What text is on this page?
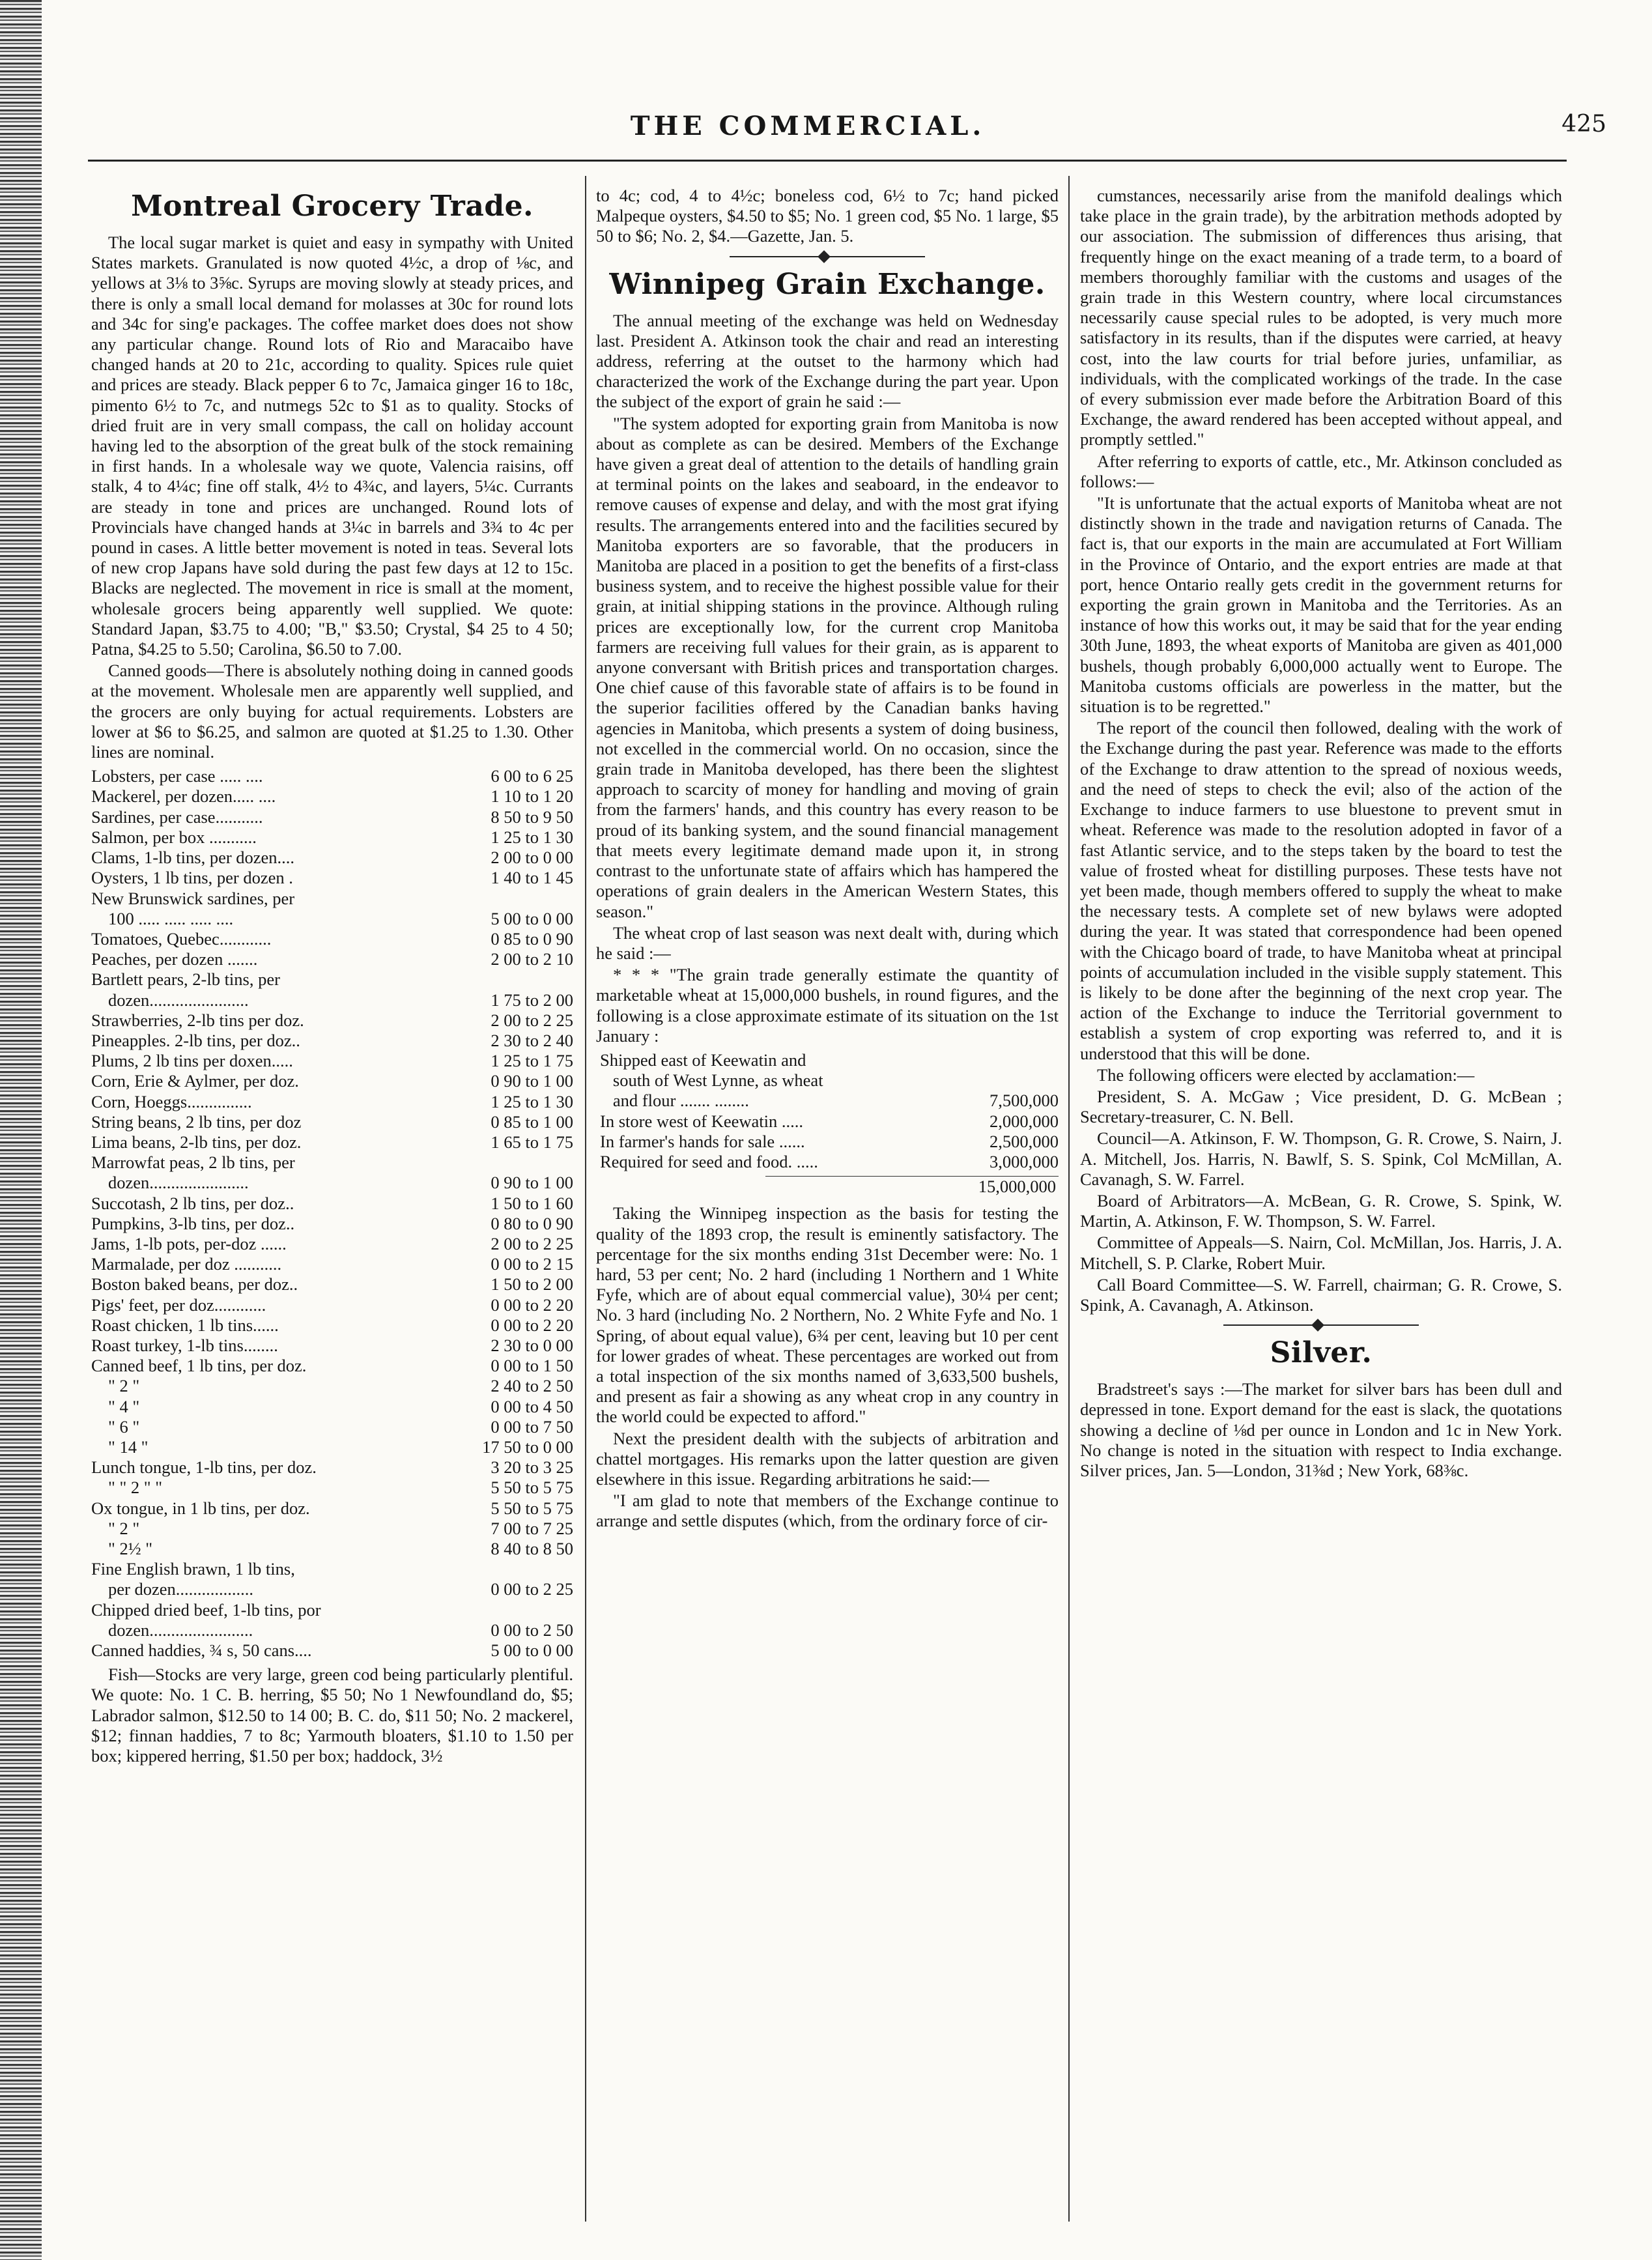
THE COMMERCIAL.	425
Montreal Grocery Trade.

The local sugar market is quiet and easy in sympathy with United States markets. Granulated is now quoted 4½c, a drop of ⅛c, and yellows at 3⅛ to 3⅝c. Syrups are moving slowly at steady prices, and there is only a small local demand for molasses at 30c for round lots and 34c for sing'e packages. The coffee market does does not show any particular change. Round lots of Rio and Maracaibo have changed hands at 20 to 21c, according to quality. Spices rule quiet and prices are steady. Black pepper 6 to 7c, Jamaica ginger 16 to 18c, pimento 6½ to 7c, and nutmegs 52c to $1 as to quality. Stocks of dried fruit are in very small compass, the call on holiday account having led to the absorption of the great bulk of the stock remaining in first hands. In a wholesale way we quote, Valencia raisins, off stalk, 4 to 4¼c; fine off stalk, 4½ to 4¾c, and layers, 5¼c. Currants are steady in tone and prices are unchanged. Round lots of Provincials have changed hands at 3¼c in barrels and 3¾ to 4c per pound in cases. A little better movement is noted in teas. Several lots of new crop Japans have sold during the past few days at 12 to 15c. Blacks are neglected. The movement in rice is small at the moment, wholesale grocers being apparently well supplied. We quote: Standard Japan, $3.75 to 4.00; "B," $3.50; Crystal, $4 25 to 4 50; Patna, $4.25 to 5.50; Carolina, $6.50 to 7.00.

Canned goods—There is absolutely nothing doing in canned goods at the movement. Wholesale men are apparently well supplied, and the grocers are only buying for actual requirements. Lobsters are lower at $6 to $6.25, and salmon are quoted at $1.25 to 1.30. Other lines are nominal.

Lobsters, per case ..... ....	6 00 to 6 25
Mackerel, per dozen..... ....	1 10 to 1 20
Sardines, per case...........	8 50 to 9 50
Salmon, per box ...........	1 25 to 1 30
Clams, 1-lb tins, per dozen....	2 00 to 0 00
Oysters, 1 lb tins, per dozen .	1 40 to 1 45
New Brunswick sardines, per
100 ..... ..... ..... ....	5 00 to 0 00
Tomatoes, Quebec............	0 85 to 0 90
Peaches, per dozen .......	2 00 to 2 10
Bartlett pears, 2-lb tins, per
dozen.......................	1 75 to 2 00
Strawberries, 2-lb tins per doz.	2 00 to 2 25
Pineapples. 2-lb tins, per doz..	2 30 to 2 40
Plums, 2 lb tins per doxen.....	1 25 to 1 75
Corn, Erie & Aylmer, per doz.	0 90 to 1 00
Corn, Hoeggs...............	1 25 to 1 30
String beans, 2 lb tins, per doz	0 85 to 1 00
Lima beans, 2-lb tins, per doz.	1 65 to 1 75
Marrowfat peas, 2 lb tins, per
dozen.......................	0 90 to 1 00
Succotash, 2 lb tins, per doz..	1 50 to 1 60
Pumpkins, 3-lb tins, per doz..	0 80 to 0 90
Jams, 1-lb pots, per-doz ......	2 00 to 2 25
Marmalade, per doz ...........	0 00 to 2 15
Boston baked beans, per doz..	1 50 to 2 00
Pigs' feet, per doz............	0 00 to 2 20
Roast chicken, 1 lb tins......	0 00 to 2 20
Roast turkey, 1-lb tins........	2 30 to 0 00
Canned beef, 1 lb tins, per doz.	0 00 to 1 50
" 2 "	2 40 to 2 50
" 4 "	0 00 to 4 50
" 6 "	0 00 to 7 50
" 14 "	17 50 to 0 00
Lunch tongue, 1-lb tins, per doz.	3 20 to 3 25
" " 2 " "	5 50 to 5 75
Ox tongue, in 1 lb tins, per doz.	5 50 to 5 75
" 2 "	7 00 to 7 25
" 2½ "	8 40 to 8 50
Fine English brawn, 1 lb tins,
per dozen..................	0 00 to 2 25
Chipped dried beef, 1-lb tins, por
dozen........................	0 00 to 2 50
Canned haddies, ¾ s, 50 cans....	5 00 to 0 00

Fish—Stocks are very large, green cod being particularly plentiful. We quote: No. 1 C. B. herring, $5 50; No 1 Newfoundland do, $5; Labrador salmon, $12.50 to 14 00; B. C. do, $11 50; No. 2 mackerel, $12; finnan haddies, 7 to 8c; Yarmouth bloaters, $1.10 to 1.50 per box; kippered herring, $1.50 per box; haddock, 3½

to 4c; cod, 4 to 4½c; boneless cod, 6½ to 7c; hand picked Malpeque oysters, $4.50 to $5; No. 1 green cod, $5 No. 1 large, $5 50 to $6; No. 2, $4.—Gazette, Jan. 5.

Winnipeg Grain Exchange.

The annual meeting of the exchange was held on Wednesday last. President A. Atkinson took the chair and read an interesting address, referring at the outset to the harmony which had characterized the work of the Exchange during the part year. Upon the subject of the export of grain he said :—

"The system adopted for exporting grain from Manitoba is now about as complete as can be desired. Members of the Exchange have given a great deal of attention to the details of handling grain at terminal points on the lakes and seaboard, in the endeavor to remove causes of expense and delay, and with the most grat ifying results. The arrangements entered into and the facilities secured by Manitoba exporters are so favorable, that the producers in Manitoba are placed in a position to get the benefits of a first-class business system, and to receive the highest possible value for their grain, at initial shipping stations in the province. Although ruling prices are exceptionally low, for the current crop Manitoba farmers are receiving full values for their grain, as is apparent to anyone conversant with British prices and transportation charges. One chief cause of this favorable state of affairs is to be found in the superior facilities offered by the Canadian banks having agencies in Manitoba, which presents a system of doing business, not excelled in the commercial world. On no occasion, since the grain trade in Manitoba developed, has there been the slightest approach to scarcity of money for handling and moving of grain from the farmers' hands, and this country has every reason to be proud of its banking system, and the sound financial management that meets every legitimate demand made upon it, in strong contrast to the unfortunate state of affairs which has hampered the operations of grain dealers in the American Western States, this season."

The wheat crop of last season was next dealt with, during which he said :—

* * * "The grain trade generally estimate the quantity of marketable wheat at 15,000,000 bushels, in round figures, and the following is a close approximate estimate of its situation on the 1st January :

Shipped east of Keewatin and
south of West Lynne, as wheat
and flour ....... ........	7,500,000
In store west of Keewatin .....	2,000,000
In farmer's hands for sale ......	2,500,000
Required for seed and food. .....	3,000,000
15,000,000

Taking the Winnipeg inspection as the basis for testing the quality of the 1893 crop, the result is eminently satisfactory. The percentage for the six months ending 31st December were: No. 1 hard, 53 per cent; No. 2 hard (including 1 Northern and 1 White Fyfe, which are of about equal commercial value), 30¼ per cent; No. 3 hard (including No. 2 Northern, No. 2 White Fyfe and No. 1 Spring, of about equal value), 6¾ per cent, leaving but 10 per cent for lower grades of wheat. These percentages are worked out from a total inspection of the six months named of 3,633,500 bushels, and present as fair a showing as any wheat crop in any country in the world could be expected to afford."

Next the president dealth with the subjects of arbitration and chattel mortgages. His remarks upon the latter question are given elsewhere in this issue. Regarding arbitrations he said:—

"I am glad to note that members of the Exchange continue to arrange and settle disputes (which, from the ordinary force of cir-

cumstances, necessarily arise from the manifold dealings which take place in the grain trade), by the arbitration methods adopted by our association. The submission of differences thus arising, that frequently hinge on the exact meaning of a trade term, to a board of members thoroughly familiar with the customs and usages of the grain trade in this Western country, where local circumstances necessarily cause special rules to be adopted, is very much more satisfactory in its results, than if the disputes were carried, at heavy cost, into the law courts for trial before juries, unfamiliar, as individuals, with the complicated workings of the trade. In the case of every submission ever made before the Arbitration Board of this Exchange, the award rendered has been accepted without appeal, and promptly settled."

After referring to exports of cattle, etc., Mr. Atkinson concluded as follows:—

"It is unfortunate that the actual exports of Manitoba wheat are not distinctly shown in the trade and navigation returns of Canada. The fact is, that our exports in the main are accumulated at Fort William in the Province of Ontario, and the export entries are made at that port, hence Ontario really gets credit in the government returns for exporting the grain grown in Manitoba and the Territories. As an instance of how this works out, it may be said that for the year ending 30th June, 1893, the wheat exports of Manitoba are given as 401,000 bushels, though probably 6,000,000 actually went to Europe. The Manitoba customs officials are powerless in the matter, but the situation is to be regretted."

The report of the council then followed, dealing with the work of the Exchange during the past year. Reference was made to the efforts of the Exchange to draw attention to the spread of noxious weeds, and the need of steps to check the evil; also of the action of the Exchange to induce farmers to use bluestone to prevent smut in wheat. Reference was made to the resolution adopted in favor of a fast Atlantic service, and to the steps taken by the board to test the value of frosted wheat for distilling purposes. These tests have not yet been made, though members offered to supply the wheat to make the necessary tests. A complete set of new bylaws were adopted during the year. It was stated that correspondence had been opened with the Chicago board of trade, to have Manitoba wheat at principal points of accumulation included in the visible supply statement. This is likely to be done after the beginning of the next crop year. The action of the Exchange to induce the Territorial government to establish a system of crop exporting was referred to, and it is understood that this will be done.

The following officers were elected by acclamation:—

President, S. A. McGaw ; Vice president, D. G. McBean ; Secretary-treasurer, C. N. Bell.

Council—A. Atkinson, F. W. Thompson, G. R. Crowe, S. Nairn, J. A. Mitchell, Jos. Harris, N. Bawlf, S. S. Spink, Col McMillan, A. Cavanagh, S. W. Farrel.

Board of Arbitrators—A. McBean, G. R. Crowe, S. Spink, W. Martin, A. Atkinson, F. W. Thompson, S. W. Farrel.

Committee of Appeals—S. Nairn, Col. McMillan, Jos. Harris, J. A. Mitchell, S. P. Clarke, Robert Muir.

Call Board Committee—S. W. Farrell, chairman; G. R. Crowe, S. Spink, A. Cavanagh, A. Atkinson.

Silver.

Bradstreet's says :—The market for silver bars has been dull and depressed in tone. Export demand for the east is slack, the quotations showing a decline of ⅛d per ounce in London and 1c in New York. No change is noted in the situation with respect to India exchange. Silver prices, Jan. 5—London, 31⅜d ; New York, 68⅜c.
